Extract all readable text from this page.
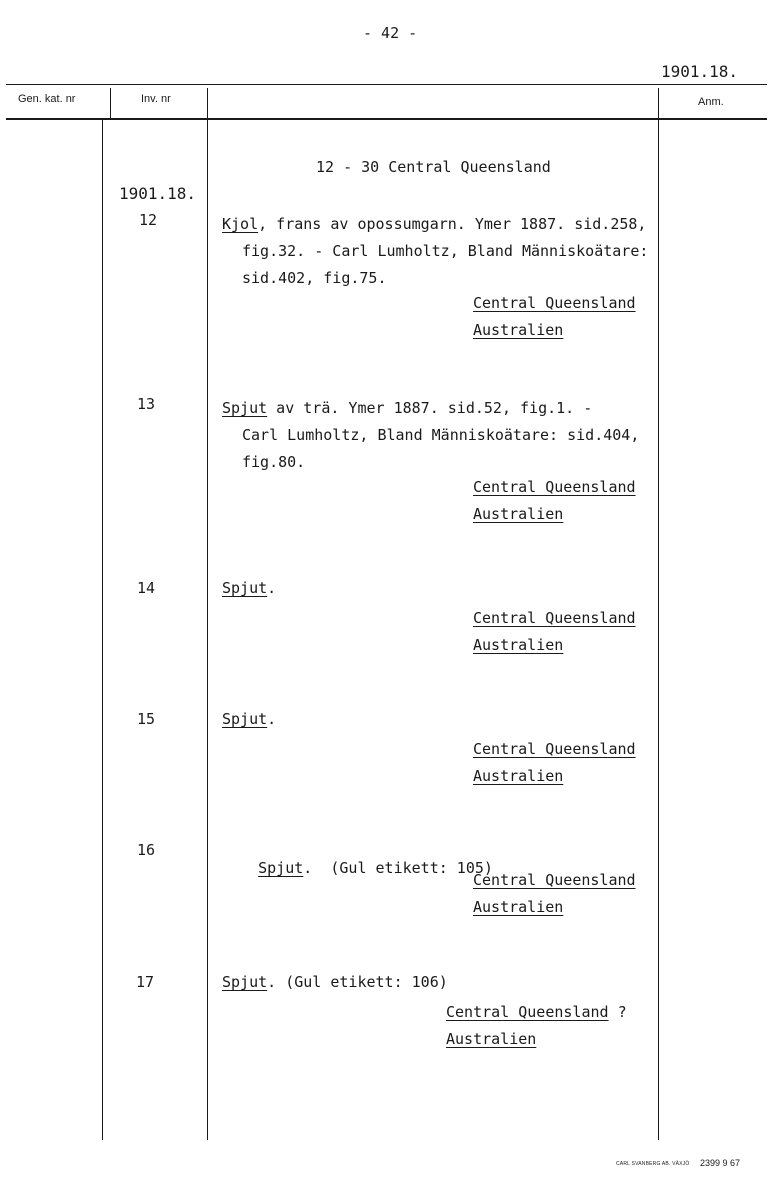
- 42 -
1901.18.
Gen. kat. nr	Inv. nr	Anm.
12 - 30 Central Queensland
1901.18.
12	Kjol, frans av opossumgarn. Ymer 1887. sid.258,
fig.32. - Carl Lumholtz, Bland Människoätare:
sid.402, fig.75.
Central Queensland
Australien
13	Spjut av trä. Ymer 1887. sid.52, fig.1. -
Carl Lumholtz, Bland Människoätare: sid.404,
fig.80.
Central Queensland
Australien
14	Spjut.
Central Queensland
Australien
15	Spjut.
Central Queensland
Australien
16

Spjut.  (Gul etikett: 105)

Central Queensland
Australien
17	Spjut. (Gul etikett: 106)
Central Queensland ?
Australien
CARL SVANBERG AB. VÄXJÖ 2399 9 67
